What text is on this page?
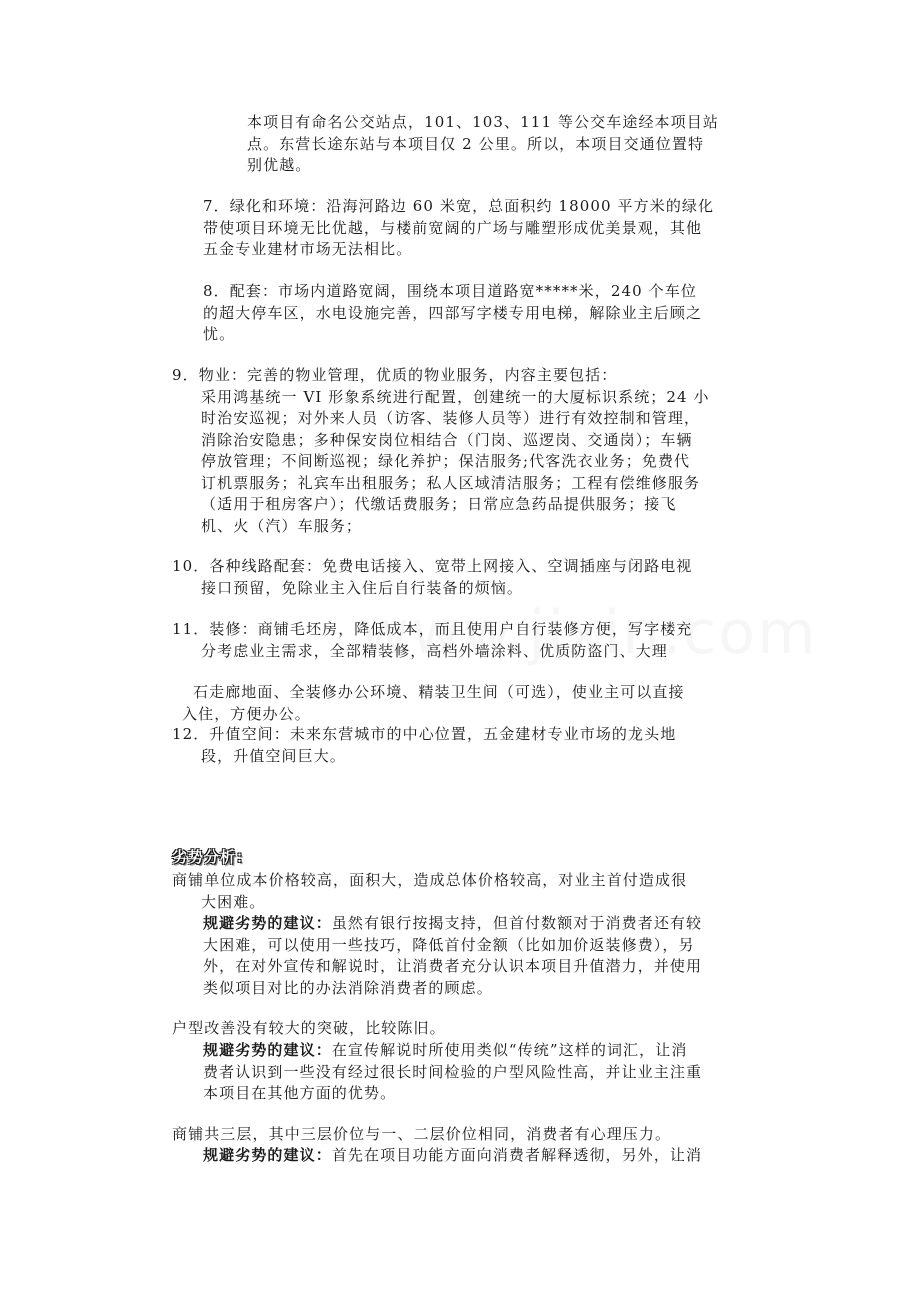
本项目有命名公交站点，101、103、111 等公交车途经本项目站

点。东营长途东站与本项目仅 2 公里。所以，本项目交通位置特

别优越。

7．绿化和环境：沿海河路边 60 米宽，总面积约 18000 平方米的绿化

带使项目环境无比优越，与楼前宽阔的广场与雕塑形成优美景观，其他

五金专业建材市场无法相比。

8．配套：市场内道路宽阔，围绕本项目道路宽*****米，240 个车位

的超大停车区，水电设施完善，四部写字楼专用电梯，解除业主后顾之

忧。

9．物业：完善的物业管理，优质的物业服务，内容主要包括：

采用鸿基统一 VI 形象系统进行配置，创建统一的大厦标识系统；24 小

时治安巡视；对外来人员（访客、装修人员等）进行有效控制和管理，

消除治安隐患；多种保安岗位相结合（门岗、巡逻岗、交通岗）；车辆

停放管理；不间断巡视；绿化养护；保洁服务;代客洗衣业务；免费代

订机票服务；礼宾车出租服务；私人区域清洁服务；工程有偿维修服务

（适用于租房客户）；代缴话费服务；日常应急药品提供服务；接飞

机、火（汽）车服务；

10．各种线路配套：免费电话接入、宽带上网接入、空调插座与闭路电视

接口预留，免除业主入住后自行装备的烦恼。

11．装修：商铺毛坯房，降低成本，而且使用户自行装修方便，写字楼充

分考虑业主需求，全部精装修，高档外墙涂料、优质防盗门、大理

石走廊地面、全装修办公环境、精装卫生间（可选），使业主可以直接

入住，方便办公。

12．升值空间：未来东营城市的中心位置，五金建材专业市场的龙头地

段，升值空间巨大。

劣势分析：

商铺单位成本价格较高，面积大，造成总体价格较高，对业主首付造成很

大困难。

规避劣势的建议：虽然有银行按揭支持，但首付数额对于消费者还有较

大困难，可以使用一些技巧，降低首付金额（比如加价返装修费），另

外，在对外宣传和解说时，让消费者充分认识本项目升值潜力，并使用

类似项目对比的办法消除消费者的顾虑。

户型改善没有较大的突破，比较陈旧。

规避劣势的建议：在宣传解说时所使用类似“传统”这样的词汇，让消

费者认识到一些没有经过很长时间检验的户型风险性高，并让业主注重

本项目在其他方面的优势。

商铺共三层，其中三层价位与一、二层价位相同，消费者有心理压力。

规避劣势的建议：首先在项目功能方面向消费者解释透彻，另外，让消
